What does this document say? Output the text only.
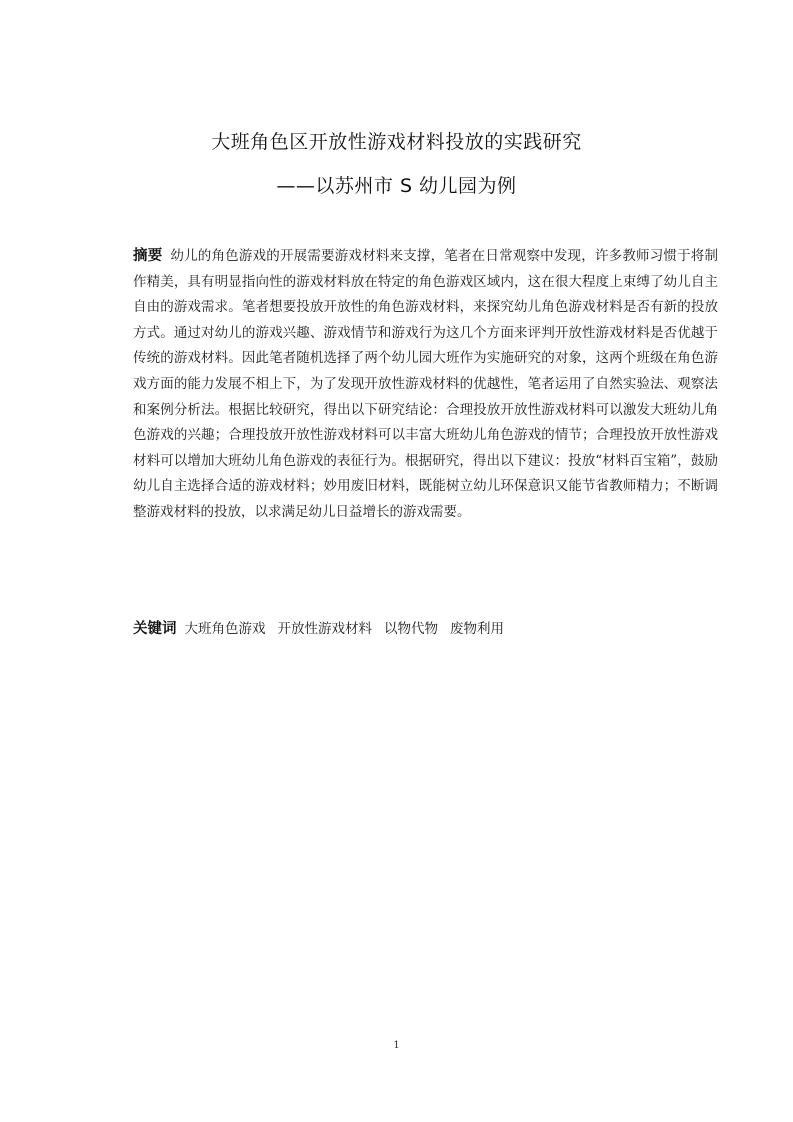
大班角色区开放性游戏材料投放的实践研究
——以苏州市 S 幼儿园为例

摘要 幼儿的角色游戏的开展需要游戏材料来支撑，笔者在日常观察中发现，许多教师习惯于将制作精美，具有明显指向性的游戏材料放在特定的角色游戏区域内，这在很大程度上束缚了幼儿自主自由的游戏需求。笔者想要投放开放性的角色游戏材料，来探究幼儿角色游戏材料是否有新的投放方式。通过对幼儿的游戏兴趣、游戏情节和游戏行为这几个方面来评判开放性游戏材料是否优越于传统的游戏材料。因此笔者随机选择了两个幼儿园大班作为实施研究的对象，这两个班级在角色游戏方面的能力发展不相上下，为了发现开放性游戏材料的优越性，笔者运用了自然实验法、观察法和案例分析法。根据比较研究，得出以下研究结论：合理投放开放性游戏材料可以激发大班幼儿角色游戏的兴趣；合理投放开放性游戏材料可以丰富大班幼儿角色游戏的情节；合理投放开放性游戏材料可以增加大班幼儿角色游戏的表征行为。根据研究，得出以下建议：投放“材料百宝箱”，鼓励幼儿自主选择合适的游戏材料；妙用废旧材料，既能树立幼儿环保意识又能节省教师精力；不断调整游戏材料的投放，以求满足幼儿日益增长的游戏需要。

关键词 大班角色游戏 开放性游戏材料 以物代物 废物利用

1
